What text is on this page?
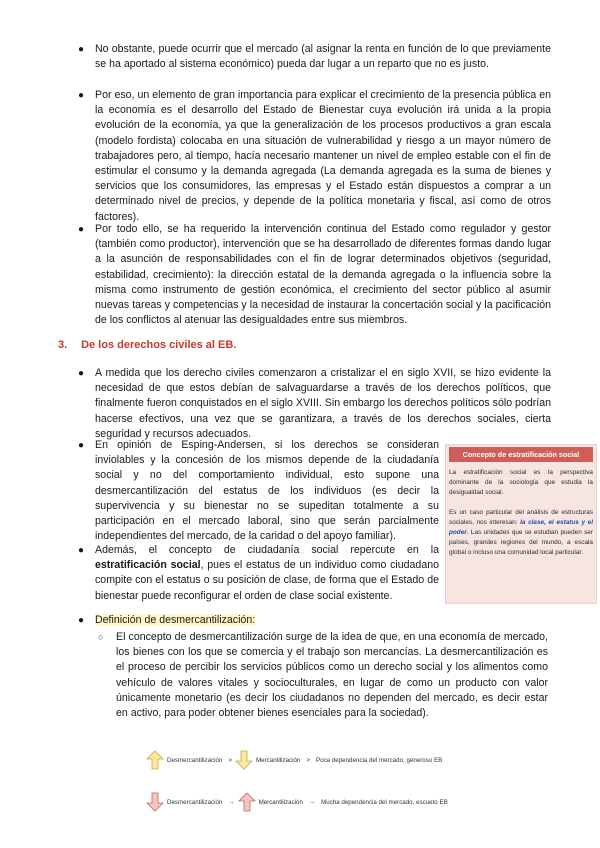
●	No obstante, puede ocurrir que el mercado (al asignar la renta en función de lo que previamente se ha aportado al sistema económico) pueda dar lugar a un reparto que no es justo.
●	Por eso, un elemento de gran importancia para explicar el crecimiento de la presencia pública en la economía es el desarrollo del Estado de Bienestar cuya evolución irá unida a la propia evolución de la economía, ya que la generalización de los procesos productivos a gran escala (modelo fordista) colocaba en una situación de vulnerabilidad y riesgo a un mayor número de trabajadores pero, al tiempo, hacía necesario mantener un nivel de empleo estable con el fin de estimular el consumo y la demanda agregada (La demanda agregada es la suma de bienes y servicios que los consumidores, las empresas y el Estado están dispuestos a comprar a un determinado nivel de precios, y depende de la política monetaria y fiscal, así como de otros factores).
●	Por todo ello, se ha requerido la intervención continua del Estado como regulador y gestor (también como productor), intervención que se ha desarrollado de diferentes formas dando lugar a la asunción de responsabilidades con el fin de lograr determinados objetivos (seguridad, estabilidad, crecimiento): la dirección estatal de la demanda agregada o la influencia sobre la misma como instrumento de gestión económica, el crecimiento del sector público al asumir nuevas tareas y competencias y la necesidad de instaurar la concertación social y la pacificación de los conflictos al atenuar las desigualdades entre sus miembros.
3. De los derechos civiles al EB.
●	A medida que los derecho civiles comenzaron a cristalizar el en siglo XVII, se hizo evidente la necesidad de que estos debían de salvaguardarse a través de los derechos políticos, que finalmente fueron conquistados en el siglo XVIII. Sin embargo los derechos políticos sólo podrían hacerse efectivos, una vez que se garantizara, a través de los derechos sociales, cierta seguridad y recursos adecuados.
●	En opinión de Esping-Andersen, si los derechos se consideran inviolables y la concesión de los mismos depende de la ciudadanía social y no del comportamiento individual, esto supone una desmercantilización del estatus de los individuos (es decir la supervivencia y su bienestar no se supeditan totalmente a su participación en el mercado laboral, sino que serán parcialmente independientes del mercado, de la caridad o del apoyo familiar).
●	Además, el concepto de ciudadanía social repercute en la estratificación social, pues el estatus de un individuo como ciudadano compite con el estatus o su posición de clase, de forma que el Estado de bienestar puede reconfigurar el orden de clase social existente.
●	Definición de desmercantilización:
○ El concepto de desmercantilización surge de la idea de que, en una economía de mercado, los bienes con los que se comercia y el trabajo son mercancías. La desmercantilización es el proceso de percibir los servicios públicos como un derecho social y los alimentos como vehículo de valores vitales y socioculturales, en lugar de como un producto con valor únicamente monetario (es decir los ciudadanos no dependen del mercado, es decir estar en activo, para poder obtener bienes esenciales para la sociedad).
Concepto de estratificación social
La estratificación social es la perspectiva dominante de la sociología que estudia la desigualdad social.
Es un caso particular del análisis de estructuras sociales, nos interesan: la clase, el estatus y el poder. Las unidades que se estudian pueden ser países, grandes regiones del mundo, a escala global o incluso una comunidad local particular.
Desmercantilización >	Mercantilización > Poca dependencia del mercado, generoso EB
Desmercantilización →	Mercantilización → Mucha dependencia del mercado, escueto EB
